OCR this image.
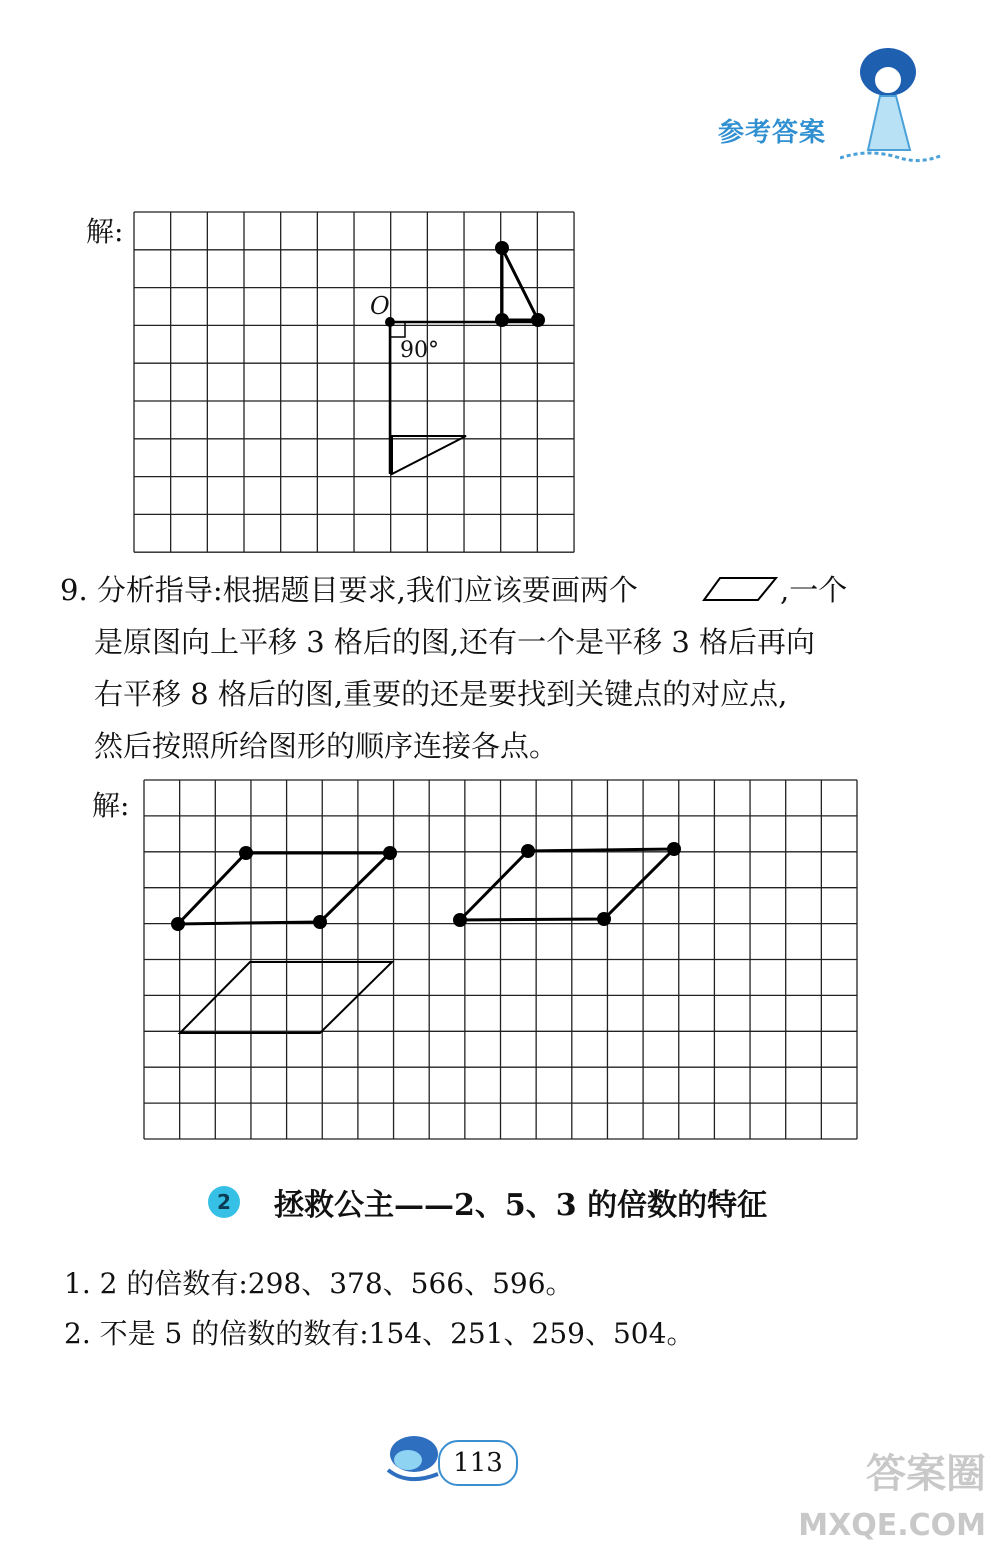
参考答案
解:
O
90°
9. 分析指导:根据题目要求,我们应该要画两个	,一个
是原图向上平移 3 格后的图,还有一个是平移 3 格后再向
右平移 8 格后的图,重要的还是要找到关键点的对应点,
然后按照所给图形的顺序连接各点。
解:
2	拯救公主——2、5、3 的倍数的特征
1. 2 的倍数有:298、378、566、596。
2. 不是 5 的倍数的数有:154、251、259、504。
113	答案圈
MXQE.COM
